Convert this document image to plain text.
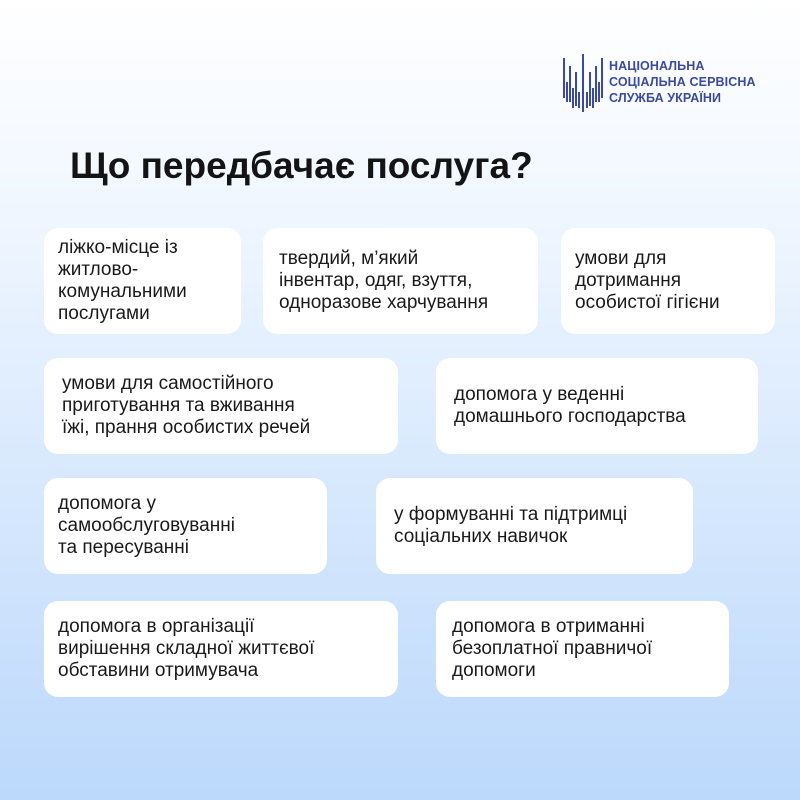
НАЦІОНАЛЬНА
СОЦІАЛЬНА СЕРВІСНА
СЛУЖБА УКРАЇНИ
Що передбачає послуга?

ліжко-місце із
житлово-
комунальними
послугами

твердий, м’який
інвентар, одяг, взуття,
одноразове харчування

умови для
дотримання
особистої гігієни

умови для самостійного
приготування та вживання
їжі, прання особистих речей

допомога у веденні
домашнього господарства

допомога у
самообслуговуванні
та пересуванні

у формуванні та підтримці
соціальних навичок

допомога в організації
вирішення складної життєвої
обставини отримувача

допомога в отриманні
безоплатної правничої
допомоги
